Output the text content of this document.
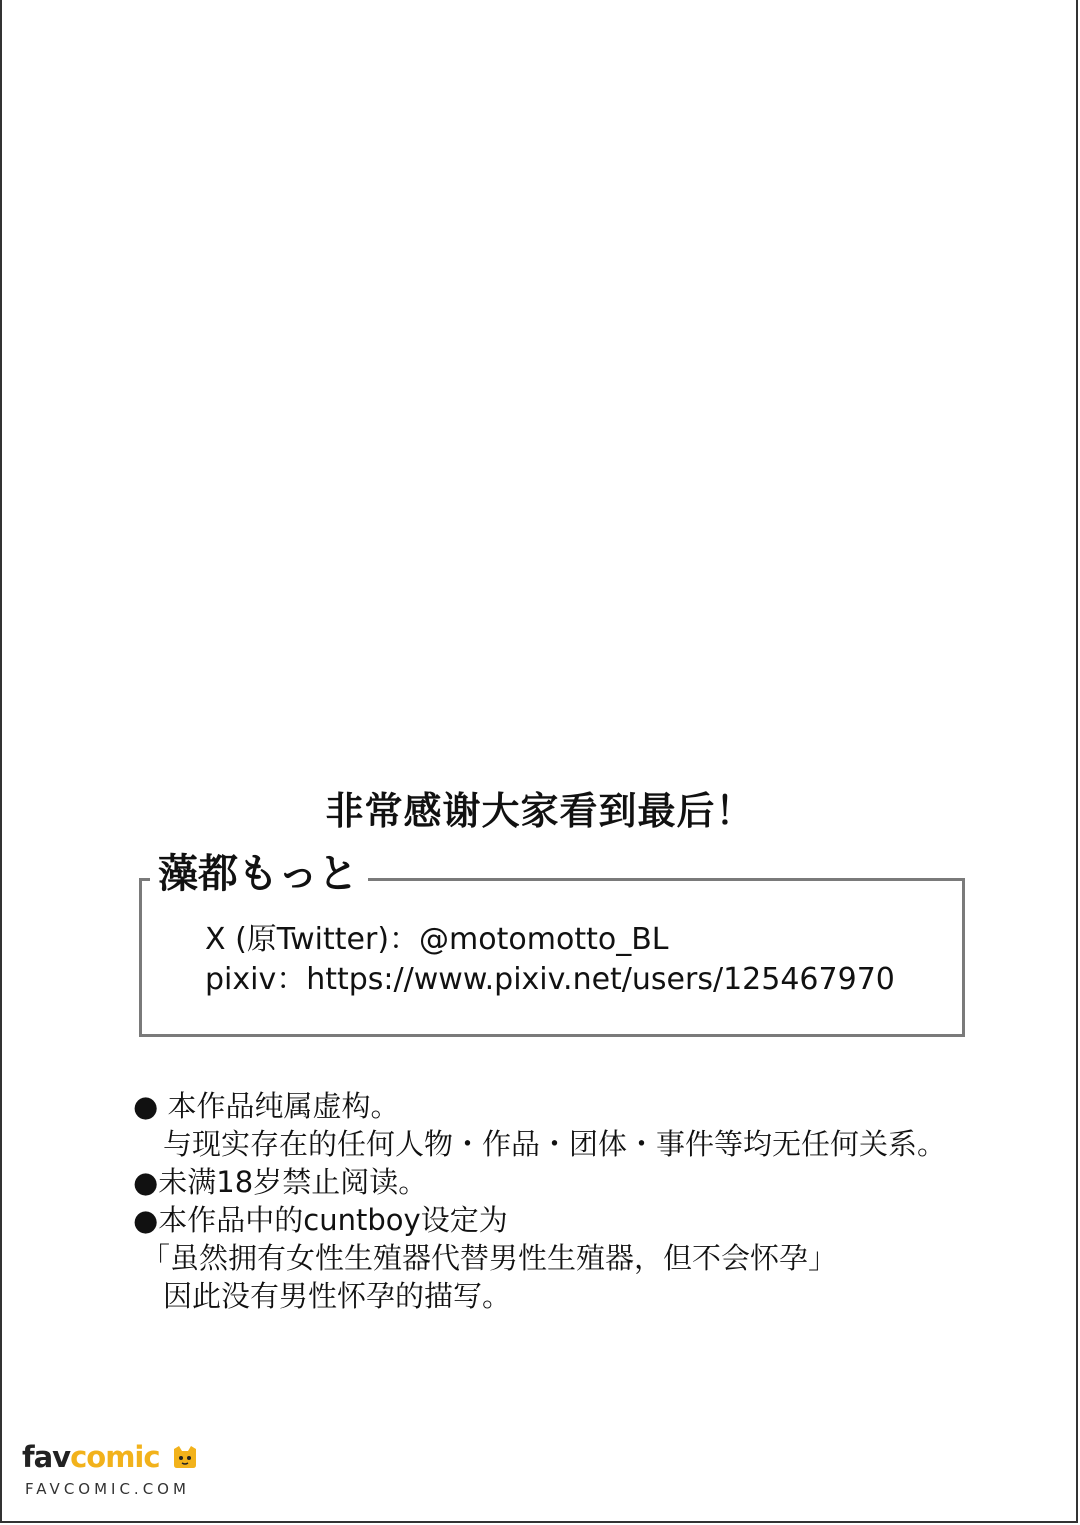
非常感谢大家看到最后！
藻都もっと
X (原Twitter)：@motomotto_BL
pixiv：https://www.pixiv.net/users/125467970
● 本作品纯属虚构。
与现实存在的任何人物・作品・团体・事件等均无任何关系。
●未满18岁禁止阅读。
●本作品中的cuntboy设定为
「虽然拥有女性生殖器代替男性生殖器，但不会怀孕」
因此没有男性怀孕的描写。
favcomic
FAVCOMIC.COM
